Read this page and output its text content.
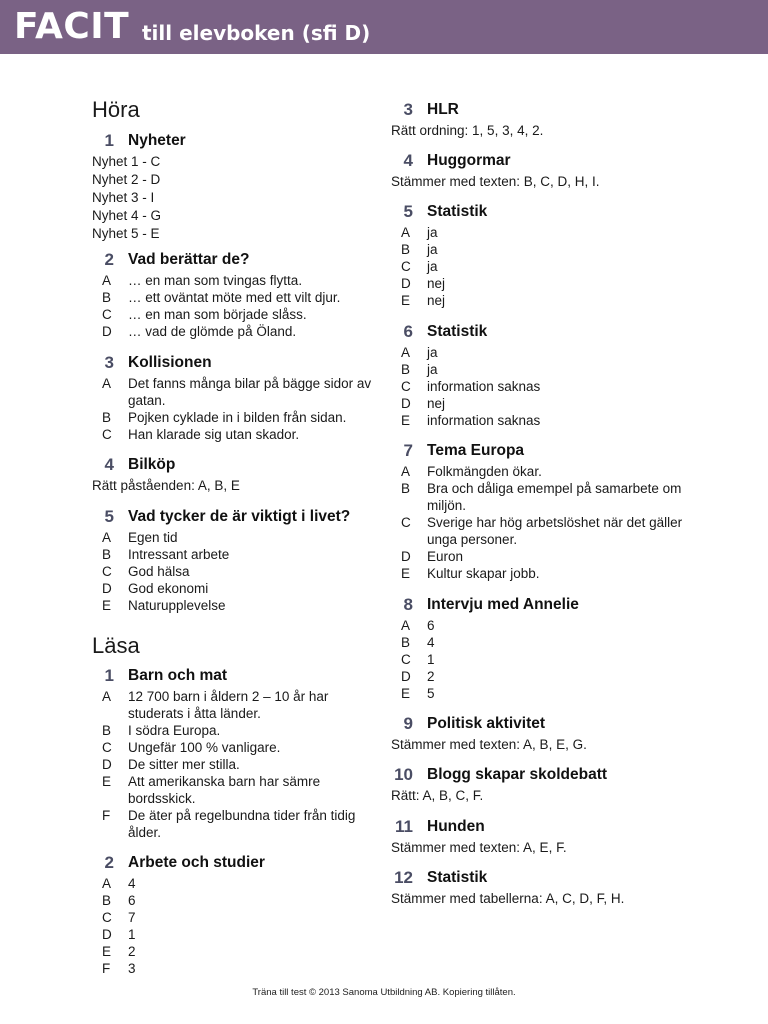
FACIT till elevboken (sfi D)
Höra
1 Nyheter
Nyhet 1 - C
Nyhet 2 - D
Nyhet 3 - I
Nyhet 4 - G
Nyhet 5 - E
2 Vad berättar de?
A … en man som tvingas flytta.
B … ett oväntat möte med ett vilt djur.
C … en man som började slåss.
D … vad de glömde på Öland.
3 Kollisionen
A Det fanns många bilar på bägge sidor av gatan.
B Pojken cyklade in i bilden från sidan.
C Han klarade sig utan skador.
4 Bilköp
Rätt påståenden: A, B, E
5 Vad tycker de är viktigt i livet?
A Egen tid
B Intressant arbete
C God hälsa
D God ekonomi
E Naturupplevelse
Läsa
1 Barn och mat
A 12 700 barn i åldern 2 – 10 år har studerats i åtta länder.
B I södra Europa.
C Ungefär 100 % vanligare.
D De sitter mer stilla.
E Att amerikanska barn har sämre bordsskick.
F De äter på regelbundna tider från tidig ålder.
2 Arbete och studier
A 4
B 6
C 7
D 1
E 2
F 3
3 HLR
Rätt ordning: 1, 5, 3, 4, 2.
4 Huggormar
Stämmer med texten: B, C, D, H, I.
5 Statistik
A ja
B ja
C ja
D nej
E nej
6 Statistik
A ja
B ja
C information saknas
D nej
E information saknas
7 Tema Europa
A Folkmängden ökar.
B Bra och dåliga emempel på samarbete om miljön.
C Sverige har hög arbetslöshet när det gäller unga personer.
D Euron
E Kultur skapar jobb.
8 Intervju med Annelie
A 6
B 4
C 1
D 2
E 5
9 Politisk aktivitet
Stämmer med texten: A, B, E, G.
10 Blogg skapar skoldebatt
Rätt: A, B, C, F.
11 Hunden
Stämmer med texten: A, E, F.
12 Statistik
Stämmer med tabellerna: A, C, D, F, H.
Träna till test © 2013 Sanoma Utbildning AB. Kopiering tillåten.
